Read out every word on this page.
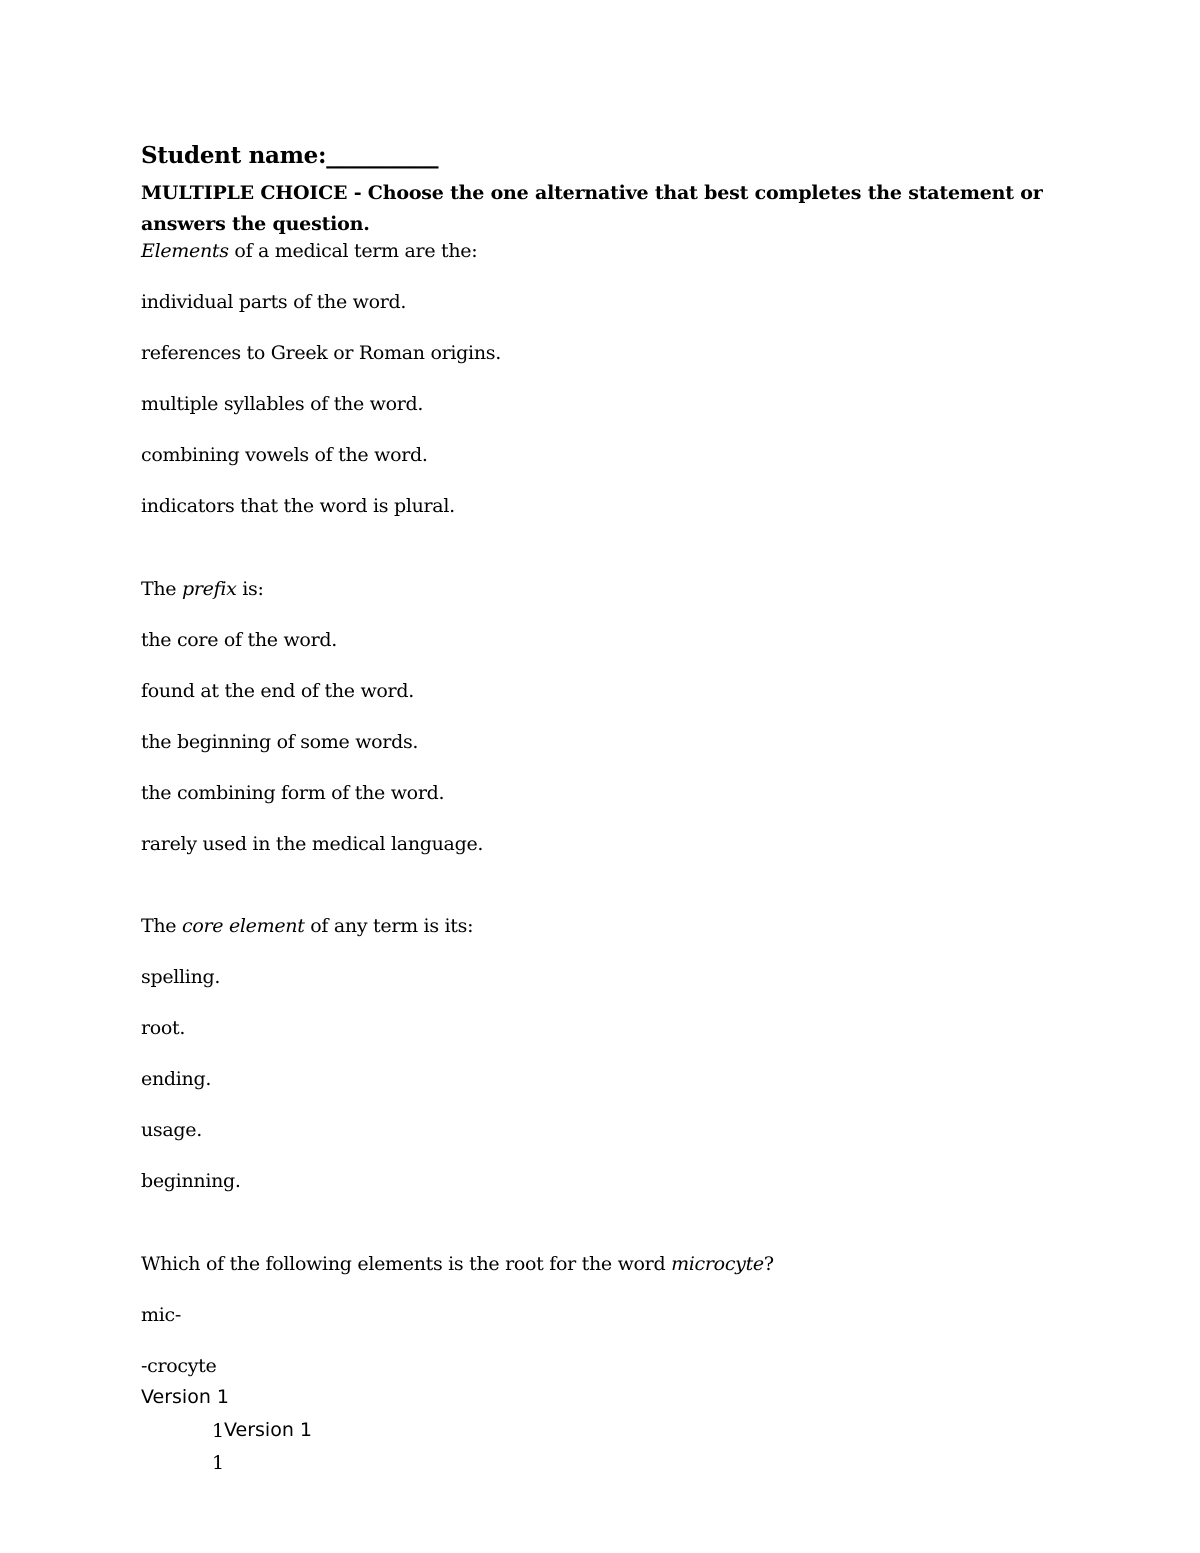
Student name:__________
MULTIPLE CHOICE - Choose the one alternative that best completes the statement or answers the question.
Elements of a medical term are the:
individual parts of the word.
references to Greek or Roman origins.
multiple syllables of the word.
combining vowels of the word.
indicators that the word is plural.
The prefix is:
the core of the word.
found at the end of the word.
the beginning of some words.
the combining form of the word.
rarely used in the medical language.
The core element of any term is its:
spelling.
root.
ending.
usage.
beginning.
Which of the following elements is the root for the word microcyte?
mic-
-crocyte
Version 1
1 Version 1
1
